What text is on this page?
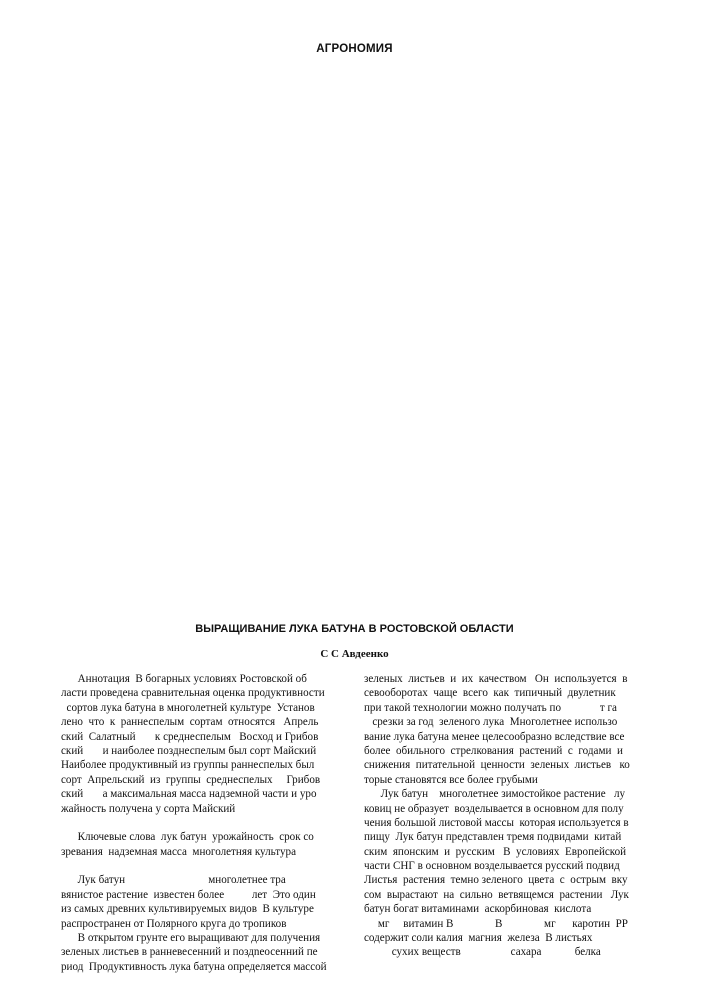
АГРОНОМИЯ
ВЫРАЩИВАНИЕ ЛУКА БАТУНА В РОСТОВСКОЙ ОБЛАСТИ
С С Авдеенко
Аннотация  В богарных условиях Ростовской об
ласти проведена сравнительная оценка продуктивности
сортов лука батуна в многолетней культуре  Установ
лено  что  к  раннеспелым  сортам  относятся   Апрель
ский  Салатный       к среднеспелым   Восход и Грибов
ский       и наиболее позднеспелым был сорт Майский
Наиболее продуктивный из группы раннеспелых был
сорт  Апрельский  из  группы  среднеспелых     Грибов
ский       а максимальная масса надземной части и уро
жайность получена у сорта Майский
Ключевые слова  лук батун  урожайность  срок со
зревания  надземная масса  многолетняя культура
Лук батун                              многолетнее тра
вянистое растение  известен более          лет  Это один
из самых древних культивируемых видов  В культуре
распространен от Полярного круга до тропиков
В открытом грунте его выращивают для получения
зеленых листьев в ранневесенний и поздneосенний пе
риод  Продуктивность лука батуна определяется массой
зеленых  листьев  и  их  качеством   Он  используется  в
севооборотах  чаще  всего  как  типичный  двулетник
при такой технологии можно получать по              т га
срезки за год  зеленого лука  Многолетнее использо
вание лука батуна менее целесообразно вследствие все
более  обильного  стрелкования  растений  с  годами  и
снижения  питательной  ценности  зеленых  листьев   ко
торые становятся все более грубыми
Лук батун    многолетнее зимостойкое растение   лу
ковиц не образует  возделывается в основном для полу
чения большой листовой массы  которая используется в
пищу  Лук батун представлен тремя подвидами  китай
ским  японским  и  русским   В  условиях  Европейской
части СНГ в основном возделывается русский подвид
Листья  растения  темно зеленого  цвета  с  острым  вку
сом  вырастают  на  сильно  ветвящемся  растении   Лук
батун богат витаминами  аскорбиновая  кислота
мг     витамин В               В               мг      каротин  РР
содержит соли калия  магния  железа  В листьях
сухих веществ                  сахара            белка
